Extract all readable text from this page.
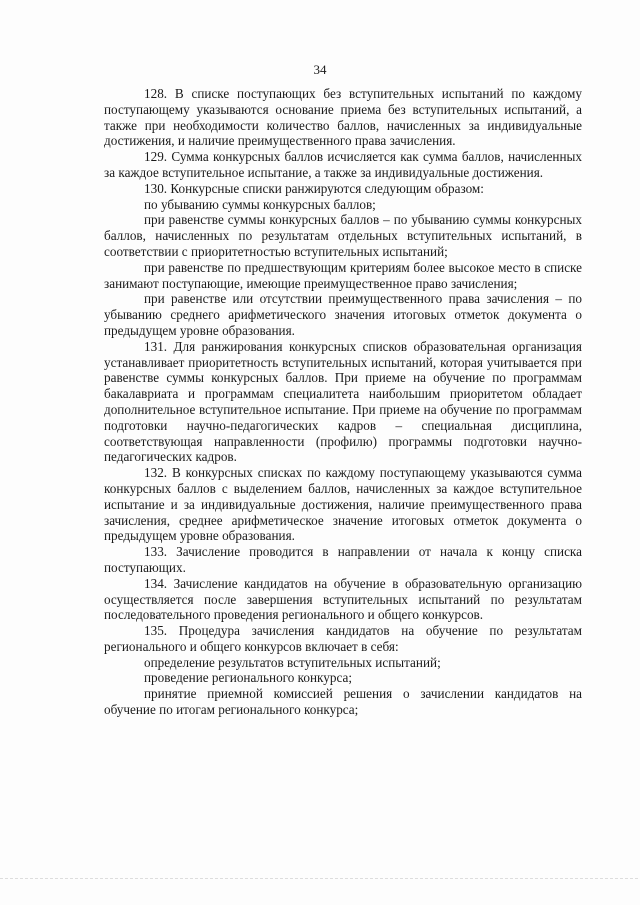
34

128. В списке поступающих без вступительных испытаний по каждому поступающему указываются основание приема без вступительных испытаний, а также при необходимости количество баллов, начисленных за индивидуальные достижения, и наличие преимущественного права зачисления.

129. Сумма конкурсных баллов исчисляется как сумма баллов, начисленных за каждое вступительное испытание, а также за индивидуальные достижения.

130. Конкурсные списки ранжируются следующим образом:

по убыванию суммы конкурсных баллов;

при равенстве суммы конкурсных баллов – по убыванию суммы конкурсных баллов, начисленных по результатам отдельных вступительных испытаний, в соответствии с приоритетностью вступительных испытаний;

при равенстве по предшествующим критериям более высокое место в списке занимают поступающие, имеющие преимущественное право зачисления;

при равенстве или отсутствии преимущественного права зачисления – по убыванию среднего арифметического значения итоговых отметок документа о предыдущем уровне образования.

131. Для ранжирования конкурсных списков образовательная организация устанавливает приоритетность вступительных испытаний, которая учитывается при равенстве суммы конкурсных баллов. При приеме на обучение по программам бакалавриата и программам специалитета наибольшим приоритетом обладает дополнительное вступительное испытание. При приеме на обучение по программам подготовки научно-педагогических кадров – специальная дисциплина, соответствующая направленности (профилю) программы подготовки научно-педагогических кадров.

132. В конкурсных списках по каждому поступающему указываются сумма конкурсных баллов с выделением баллов, начисленных за каждое вступительное испытание и за индивидуальные достижения, наличие преимущественного права зачисления, среднее арифметическое значение итоговых отметок документа о предыдущем уровне образования.

133. Зачисление проводится в направлении от начала к концу списка поступающих.

134. Зачисление кандидатов на обучение в образовательную организацию осуществляется после завершения вступительных испытаний по результатам последовательного проведения регионального и общего конкурсов.

135. Процедура зачисления кандидатов на обучение по результатам регионального и общего конкурсов включает в себя:

определение результатов вступительных испытаний;

проведение регионального конкурса;

принятие приемной комиссией решения о зачислении кандидатов на обучение по итогам регионального конкурса;
